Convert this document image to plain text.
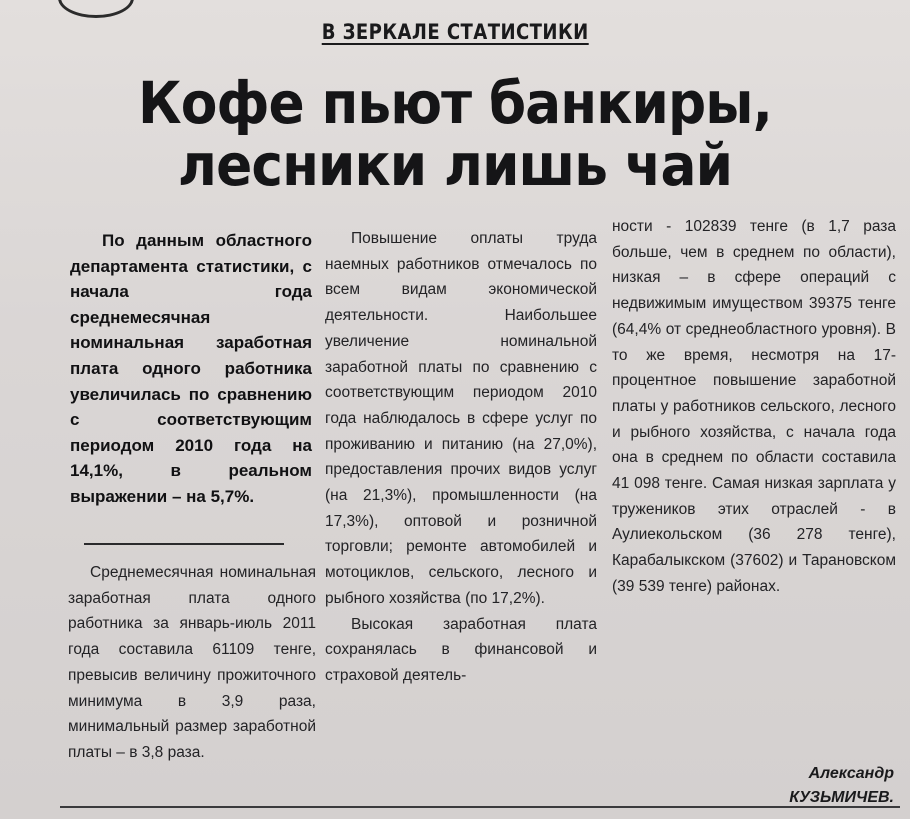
В ЗЕРКАЛЕ СТАТИСТИКИ
Кофе пьют банкиры,
лесники лишь чай
По данным областного департамента статистики, с начала года среднемесячная номинальная заработная плата одного работника увеличилась по сравнению с соответствующим периодом 2010 года на 14,1%, в реальном выражении – на 5,7%.
Среднемесячная номинальная заработная плата одного работника за январь-июль 2011 года составила 61109 тенге, превысив величину прожиточного минимума в 3,9 раза, минимальный размер заработной платы – в 3,8 раза.

Повышение оплаты труда наемных работников отмечалось по всем видам экономической деятельности. Наибольшее увеличение номинальной заработной платы по сравнению с соответствующим периодом 2010 года наблюдалось в сфере услуг по проживанию и питанию (на 27,0%), предоставления прочих видов услуг (на 21,3%), промышленности (на 17,3%), оптовой и розничной торговли; ремонте автомобилей и мотоциклов, сельского, лесного и рыбного хозяйства (по 17,2%).

Высокая заработная плата сохранялась в финансовой и страховой деятель-

ности - 102839 тенге (в 1,7 раза больше, чем в среднем по области), низкая – в сфере операций с недвижимым имуществом 39375 тенге (64,4% от среднеобластного уровня). В то же время, несмотря на 17-процентное повышение заработной платы у работников сельского, лесного и рыбного хозяйства, с начала года она в среднем по области составила 41 098 тенге. Самая низкая зарплата у тружеников этих отраслей - в Аулиекольском (36 278 тенге), Карабалыкском (37602) и Тарановском (39 539 тенге) районах.
Александр
КУЗЬМИЧЕВ.
